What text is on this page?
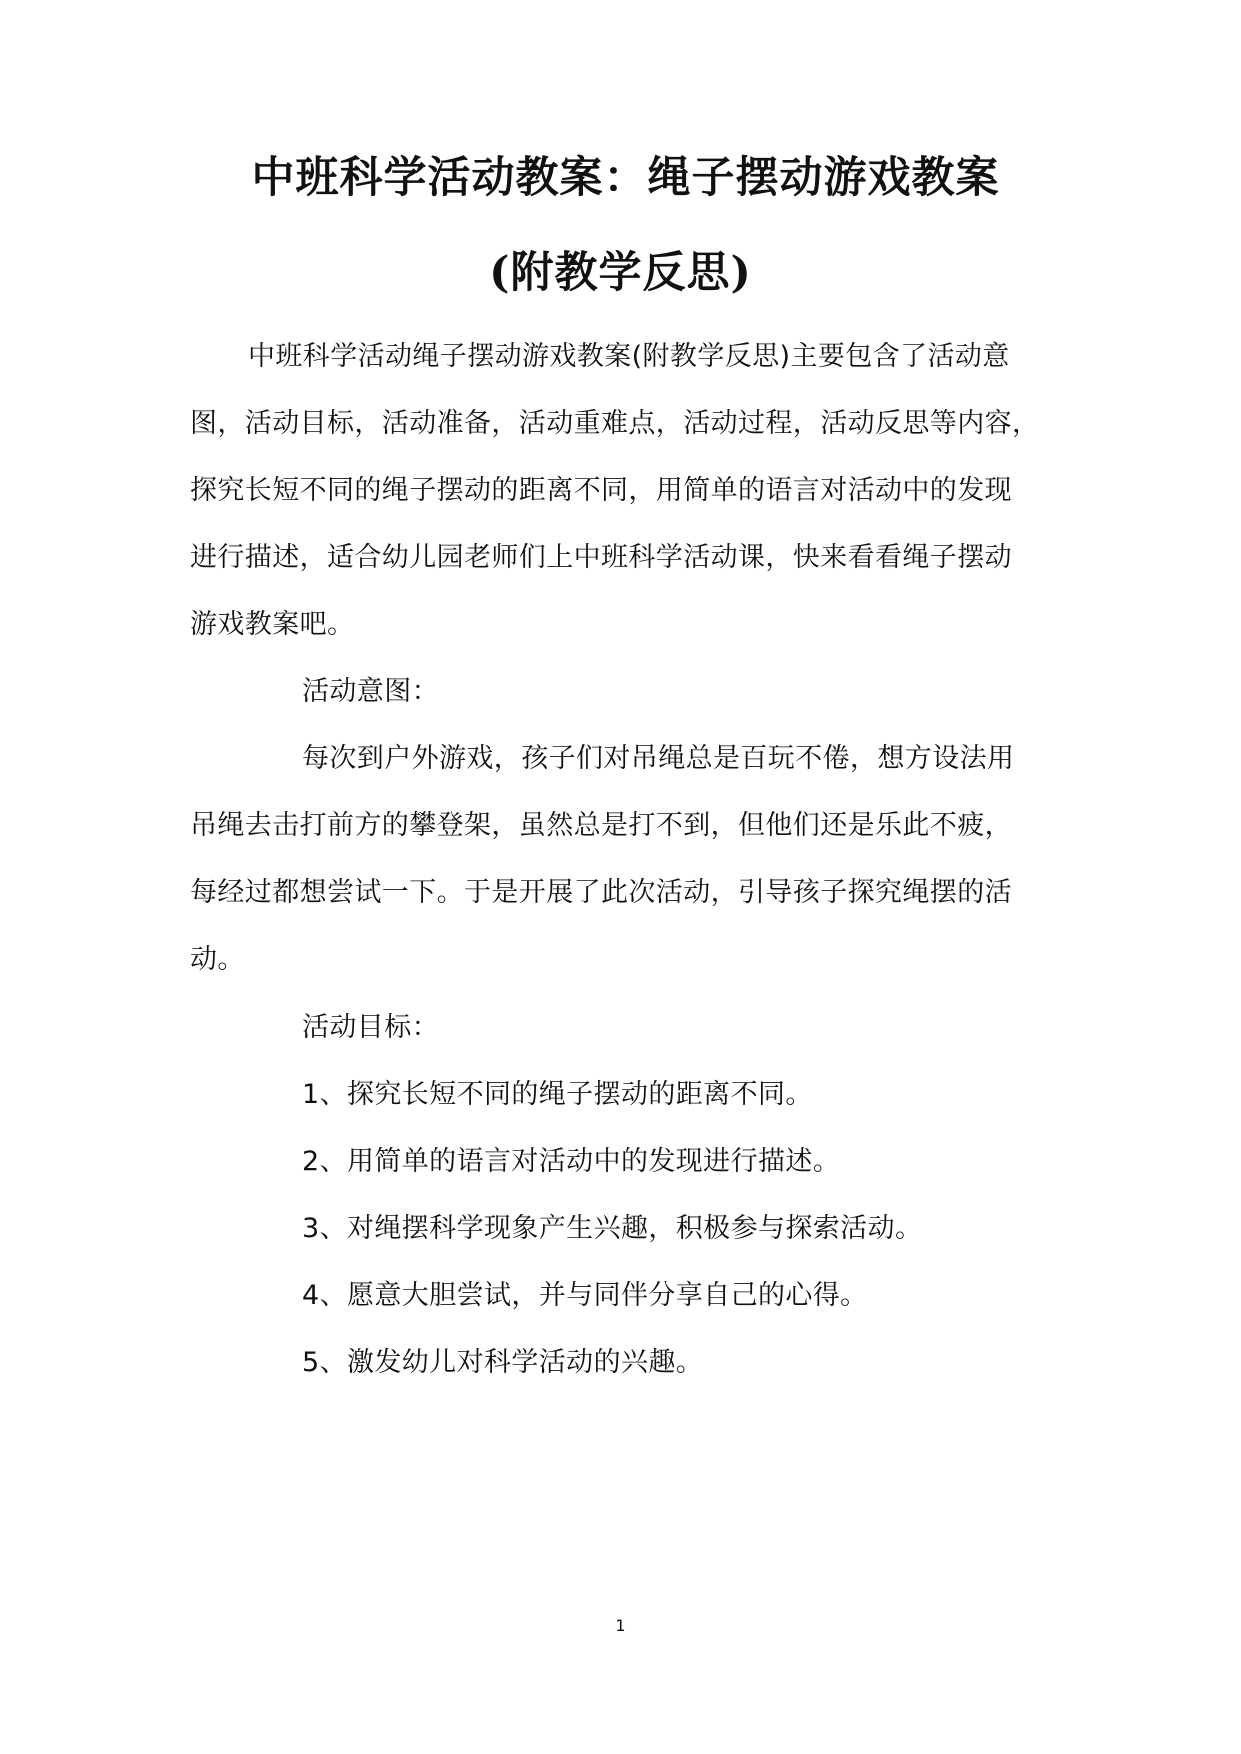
中班科学活动教案：绳子摆动游戏教案
(附教学反思)
中班科学活动绳子摆动游戏教案(附教学反思)主要包含了活动意
图，活动目标，活动准备，活动重难点，活动过程，活动反思等内容，
探究长短不同的绳子摆动的距离不同，用简单的语言对活动中的发现
进行描述，适合幼儿园老师们上中班科学活动课，快来看看绳子摆动
游戏教案吧。
活动意图：
每次到户外游戏，孩子们对吊绳总是百玩不倦，想方设法用
吊绳去击打前方的攀登架，虽然总是打不到，但他们还是乐此不疲，
每经过都想尝试一下。于是开展了此次活动，引导孩子探究绳摆的活
动。
活动目标：
1、探究长短不同的绳子摆动的距离不同。
2、用简单的语言对活动中的发现进行描述。
3、对绳摆科学现象产生兴趣，积极参与探索活动。
4、愿意大胆尝试，并与同伴分享自己的心得。
5、激发幼儿对科学活动的兴趣。
1
